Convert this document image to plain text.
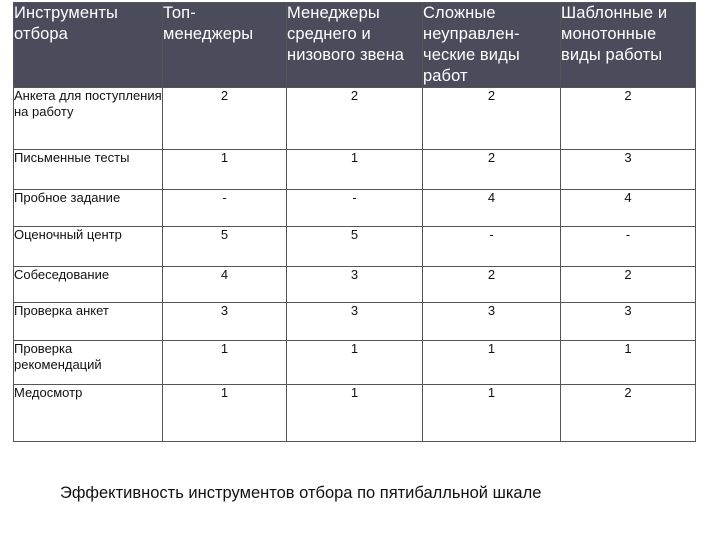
Инструменты отбора	Топ-менеджеры	Менеджеры среднего и низового звена	Сложные неуправлен-ческие виды работ	Шаблонные и монотонные виды работы
Анкета для поступления на работу	2	2	2	2
Письменные тесты	1	1	2	3
Пробное задание	-	-	4	4
Оценочный центр	5	5	-	-
Собеседование	4	3	2	2
Проверка анкет	3	3	3	3
Проверка рекомендаций	1	1	1	1
Медосмотр	1	1	1	2
Эффективность инструментов отбора по пятибалльной шкале
